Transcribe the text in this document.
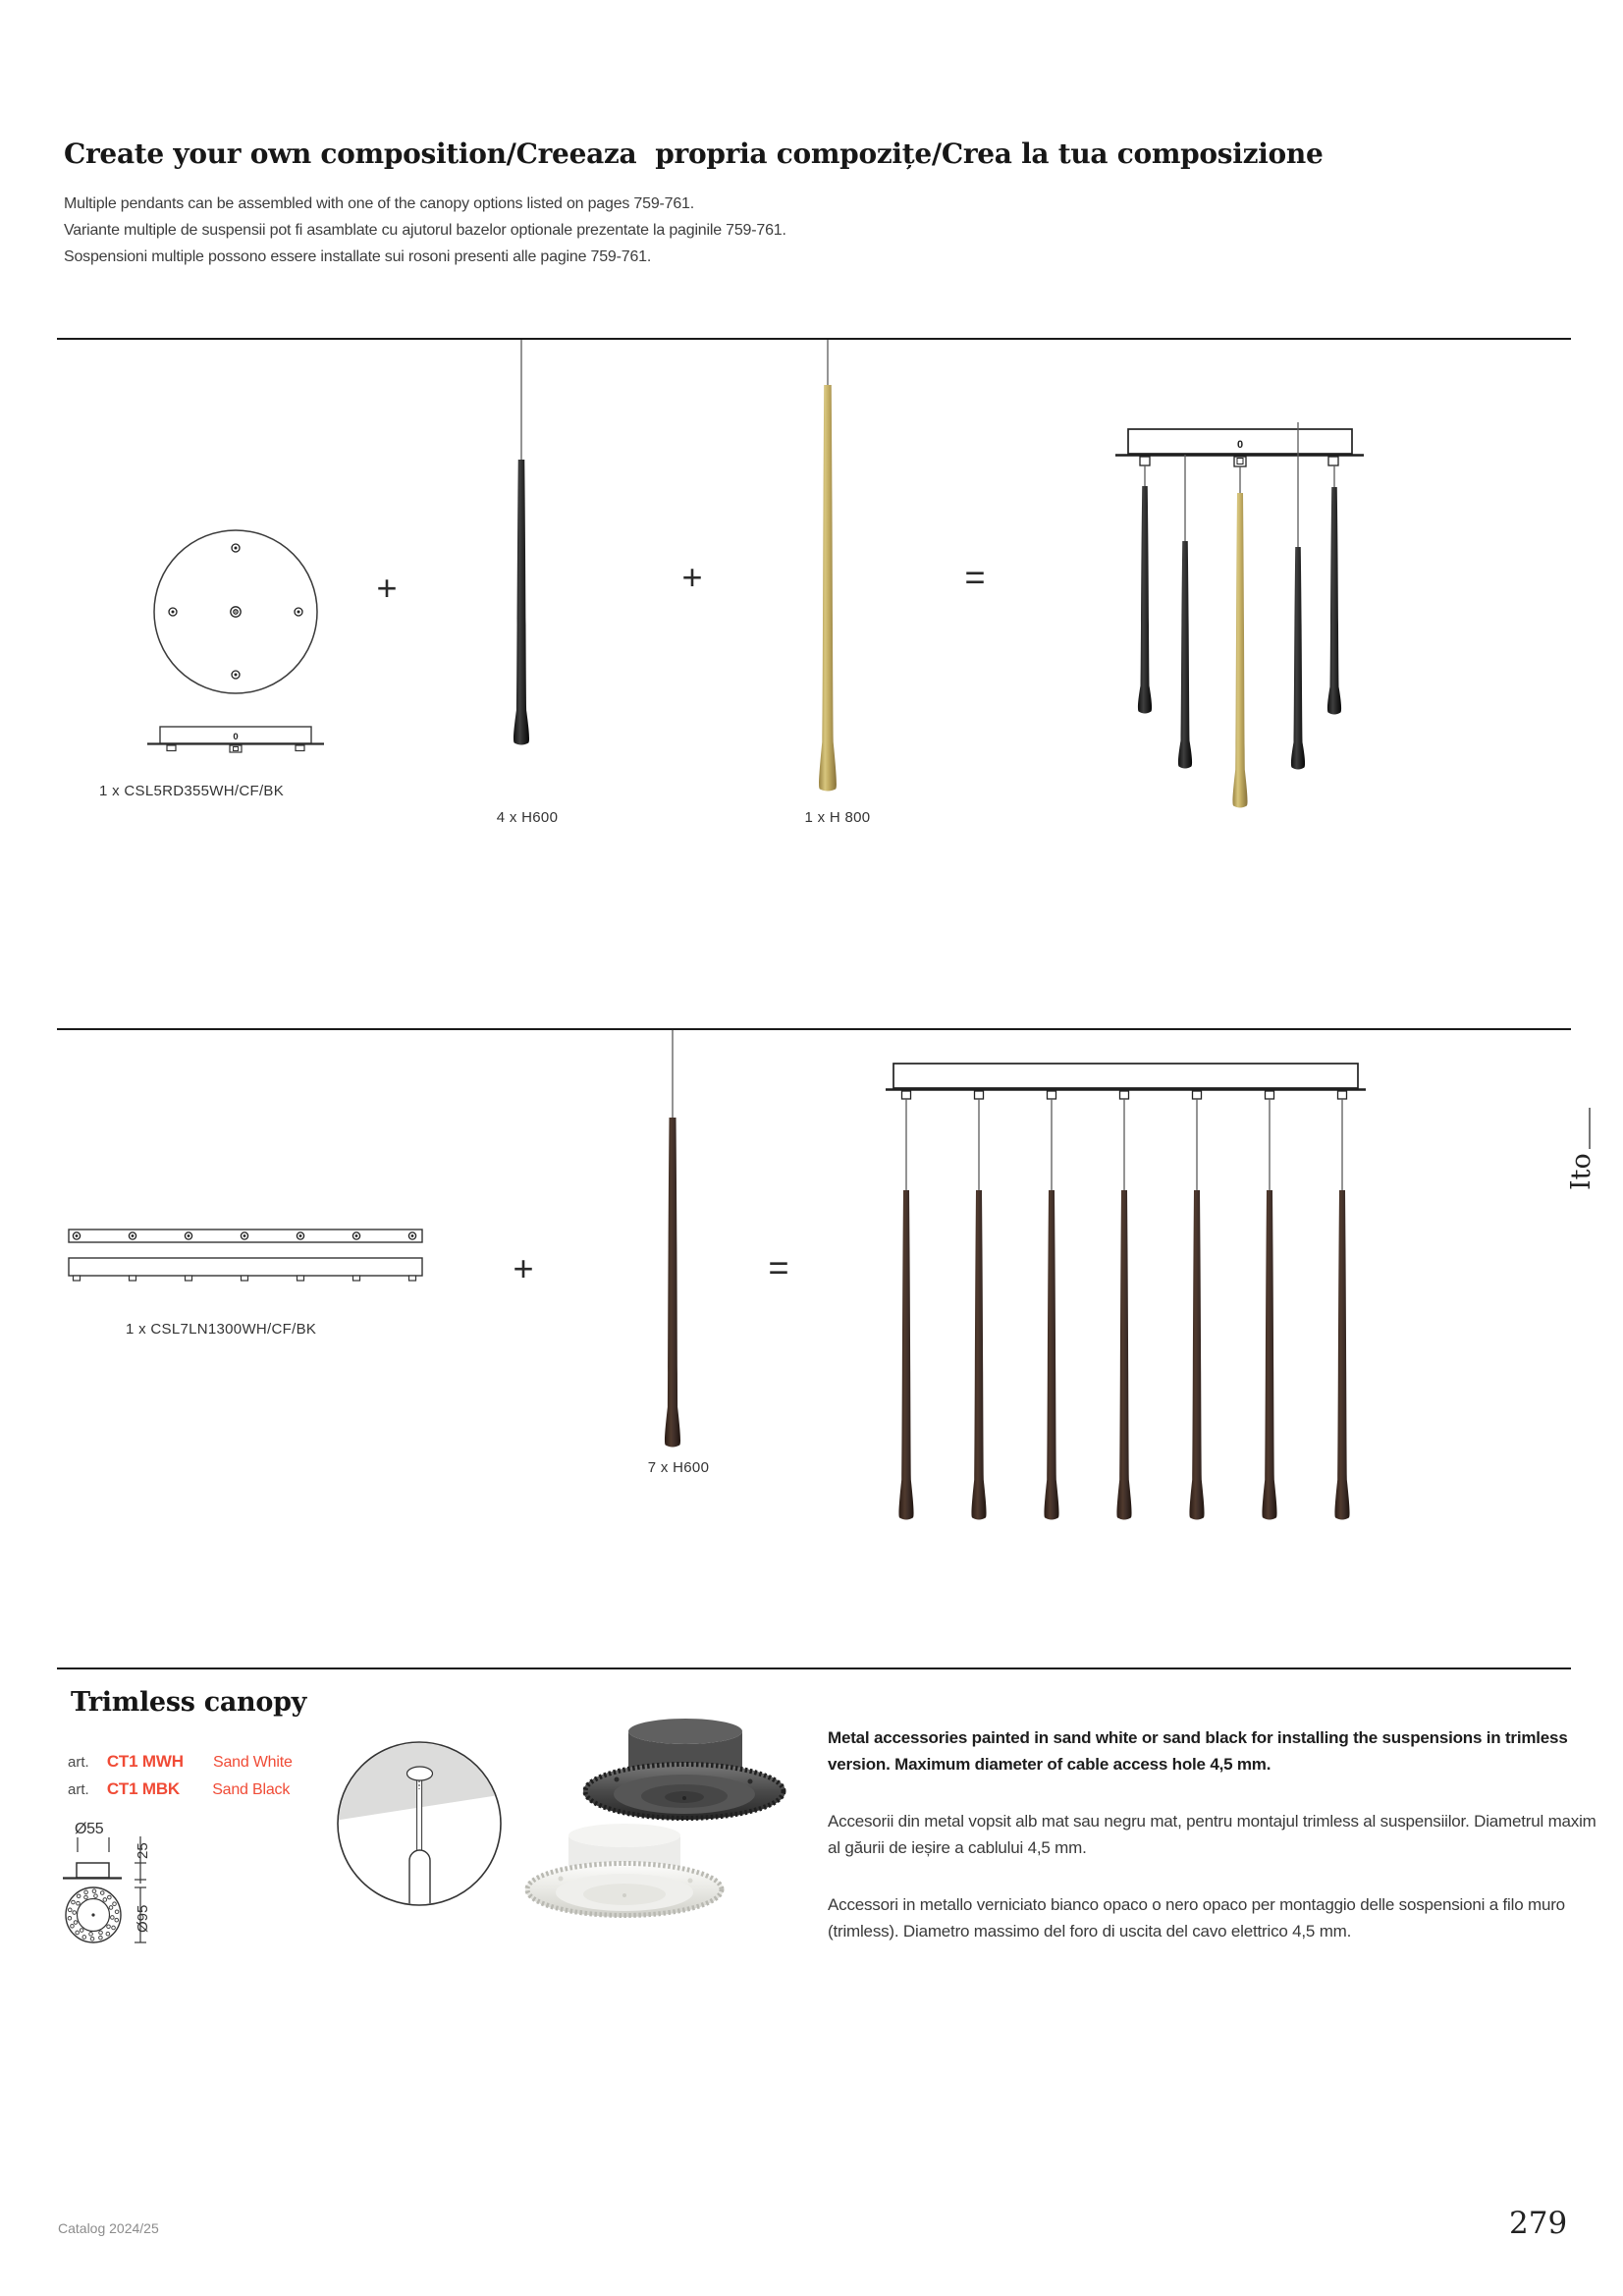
Ito
0
0
Ø55
25
Ø95
Create your own composition/Creeaza  propria compozițe/Crea la tua composizione
Multiple pendants can be assembled with one of the canopy options listed on pages 759-761.
Variante multiple de suspensii pot fi asamblate cu ajutorul bazelor optionale prezentate la paginile 759-761.
Sospensioni multiple possono essere installate sui rosoni presenti alle pagine 759-761.
1 x CSL5RD355WH/CF/BK
+
4 x H600
+
1 x H 800
=
1 x CSL7LN1300WH/CF/BK
+	=
7 x H600
Trimless canopy
art. CT1 MWH Sand White
art. CT1 MBK Sand Black
Metal accessories painted in sand white or sand black for installing the suspensions in trimless version. Maximum diameter of cable access hole 4,5 mm.
Accesorii din metal vopsit alb mat sau negru mat, pentru montajul trimless al suspensiilor. Diametrul maxim al găurii de ieșire a cablului 4,5 mm.
Accessori in metallo verniciato bianco opaco o nero opaco per montaggio delle sospensioni a filo muro (trimless). Diametro massimo del foro di uscita del cavo elettrico 4,5 mm.
Catalog 2024/25	279
